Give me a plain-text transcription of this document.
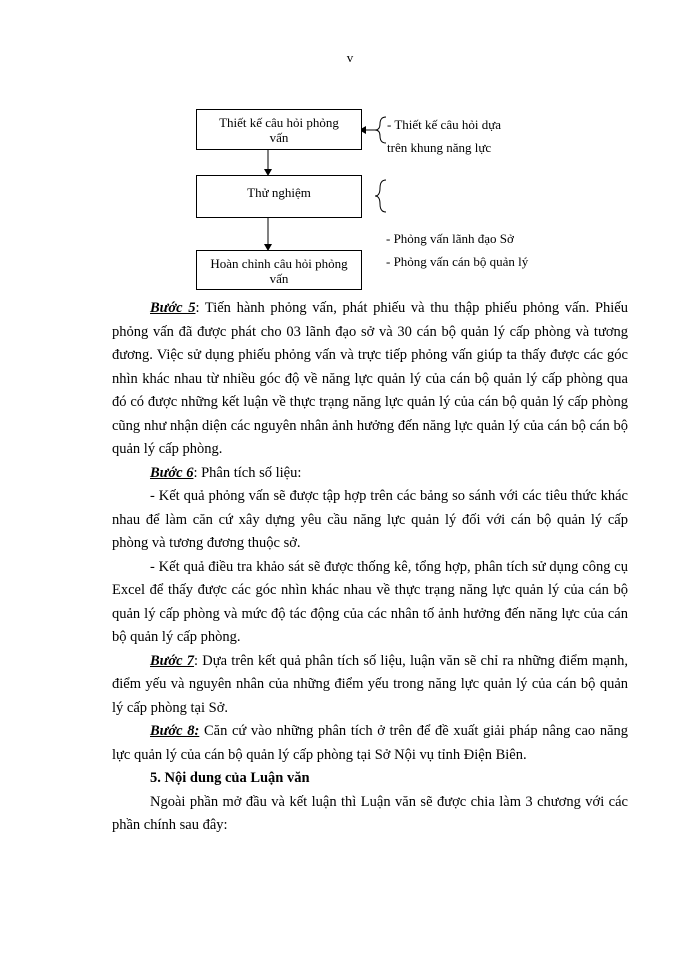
v
Thiết kế câu hỏi phỏng
vấn
Thử nghiệm
Hoàn chỉnh câu hỏi phỏng
vấn
- Thiết kế câu hỏi dựa
trên khung năng lực
- Phỏng vấn lãnh đạo Sở
- Phỏng vấn cán bộ quản lý

Bước 5: Tiến hành phỏng vấn, phát phiếu và thu thập phiếu phỏng vấn. Phiếu phỏng vấn đã được phát cho 03 lãnh đạo sở và 30 cán bộ quản lý cấp phòng và tương đương. Việc sử dụng phiếu phỏng vấn và trực tiếp phỏng vấn giúp ta thấy được các góc nhìn khác nhau từ nhiều góc độ về năng lực quản lý của cán bộ quản lý cấp phòng qua đó có được những kết luận về thực trạng năng lực quản lý của cán bộ quản lý cấp phòng cũng như nhận diện các nguyên nhân ảnh hưởng đến năng lực quản lý của cán bộ cán bộ quản lý cấp phòng.

Bước 6: Phân tích số liệu:

- Kết quả phỏng vấn sẽ được tập hợp trên các bảng so sánh với các tiêu thức khác nhau để làm căn cứ xây dựng yêu cầu năng lực quản lý đối với cán bộ quản lý cấp phòng và tương đương thuộc sở.

- Kết quả điều tra khảo sát sẽ được thống kê, tổng hợp, phân tích sử dụng công cụ Excel để thấy được các góc nhìn khác nhau về thực trạng năng lực quản lý của cán bộ quản lý cấp phòng và mức độ tác động của các nhân tố ảnh hưởng đến năng lực của cán bộ quản lý cấp phòng.

Bước 7: Dựa trên kết quả phân tích số liệu, luận văn sẽ chỉ ra những điểm mạnh, điểm yếu và nguyên nhân của những điểm yếu trong năng lực quản lý của cán bộ quản lý cấp phòng tại Sở.

Bước 8: Căn cứ vào những phân tích ở trên để đề xuất giải pháp nâng cao năng lực quản lý của cán bộ quản lý cấp phòng tại Sở Nội vụ tỉnh Điện Biên.

5. Nội dung của Luận văn

Ngoài phần mở đầu và kết luận thì Luận văn sẽ được chia làm 3 chương với các phần chính sau đây:
